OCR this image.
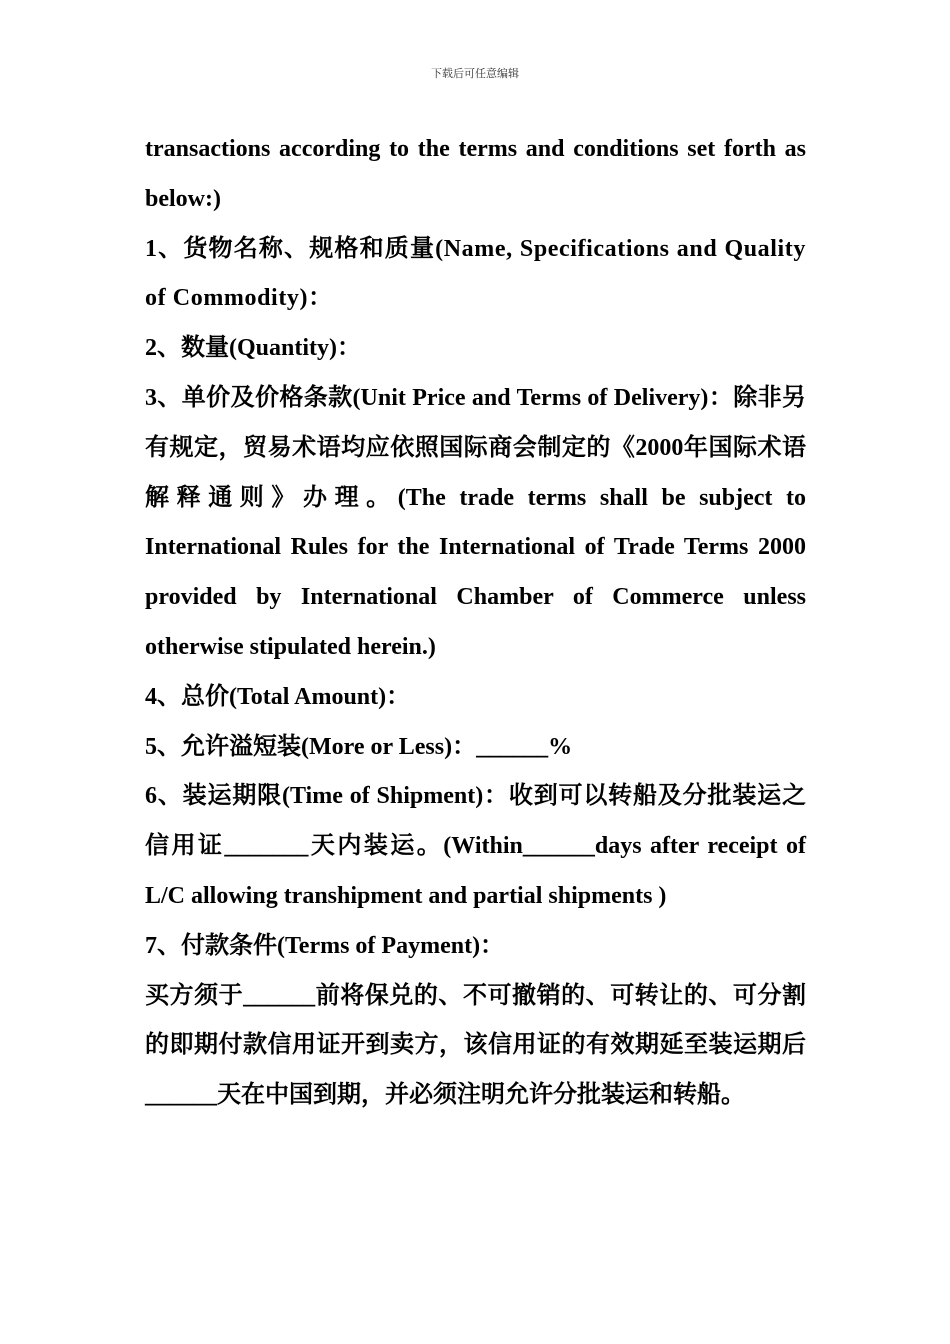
下载后可任意编辑

transactions according to the terms and conditions set forth as below:)

1、货物名称、规格和质量(Name, Specifications and Quality of Commodity)：

2、数量(Quantity)：

3、单价及价格条款(Unit Price and Terms of Delivery)：除非另有规定，贸易术语均应依照国际商会制定的《2000年国际术语解释通则》办理。(The trade terms shall be subject to International Rules for the International of Trade Terms 2000 provided by International Chamber of Commerce unless otherwise stipulated herein.)

4、总价(Total Amount)：

5、允许溢短装(More or Less)：______%

6、装运期限(Time of Shipment)：收到可以转船及分批装运之信用证_______天内装运。(Within______days after receipt of L/C allowing transhipment and partial shipments )

7、付款条件(Terms of Payment)：

买方须于______前将保兑的、不可撤销的、可转让的、可分割的即期付款信用证开到卖方，该信用证的有效期延至装运期后______天在中国到期，并必须注明允许分批装运和转船。
